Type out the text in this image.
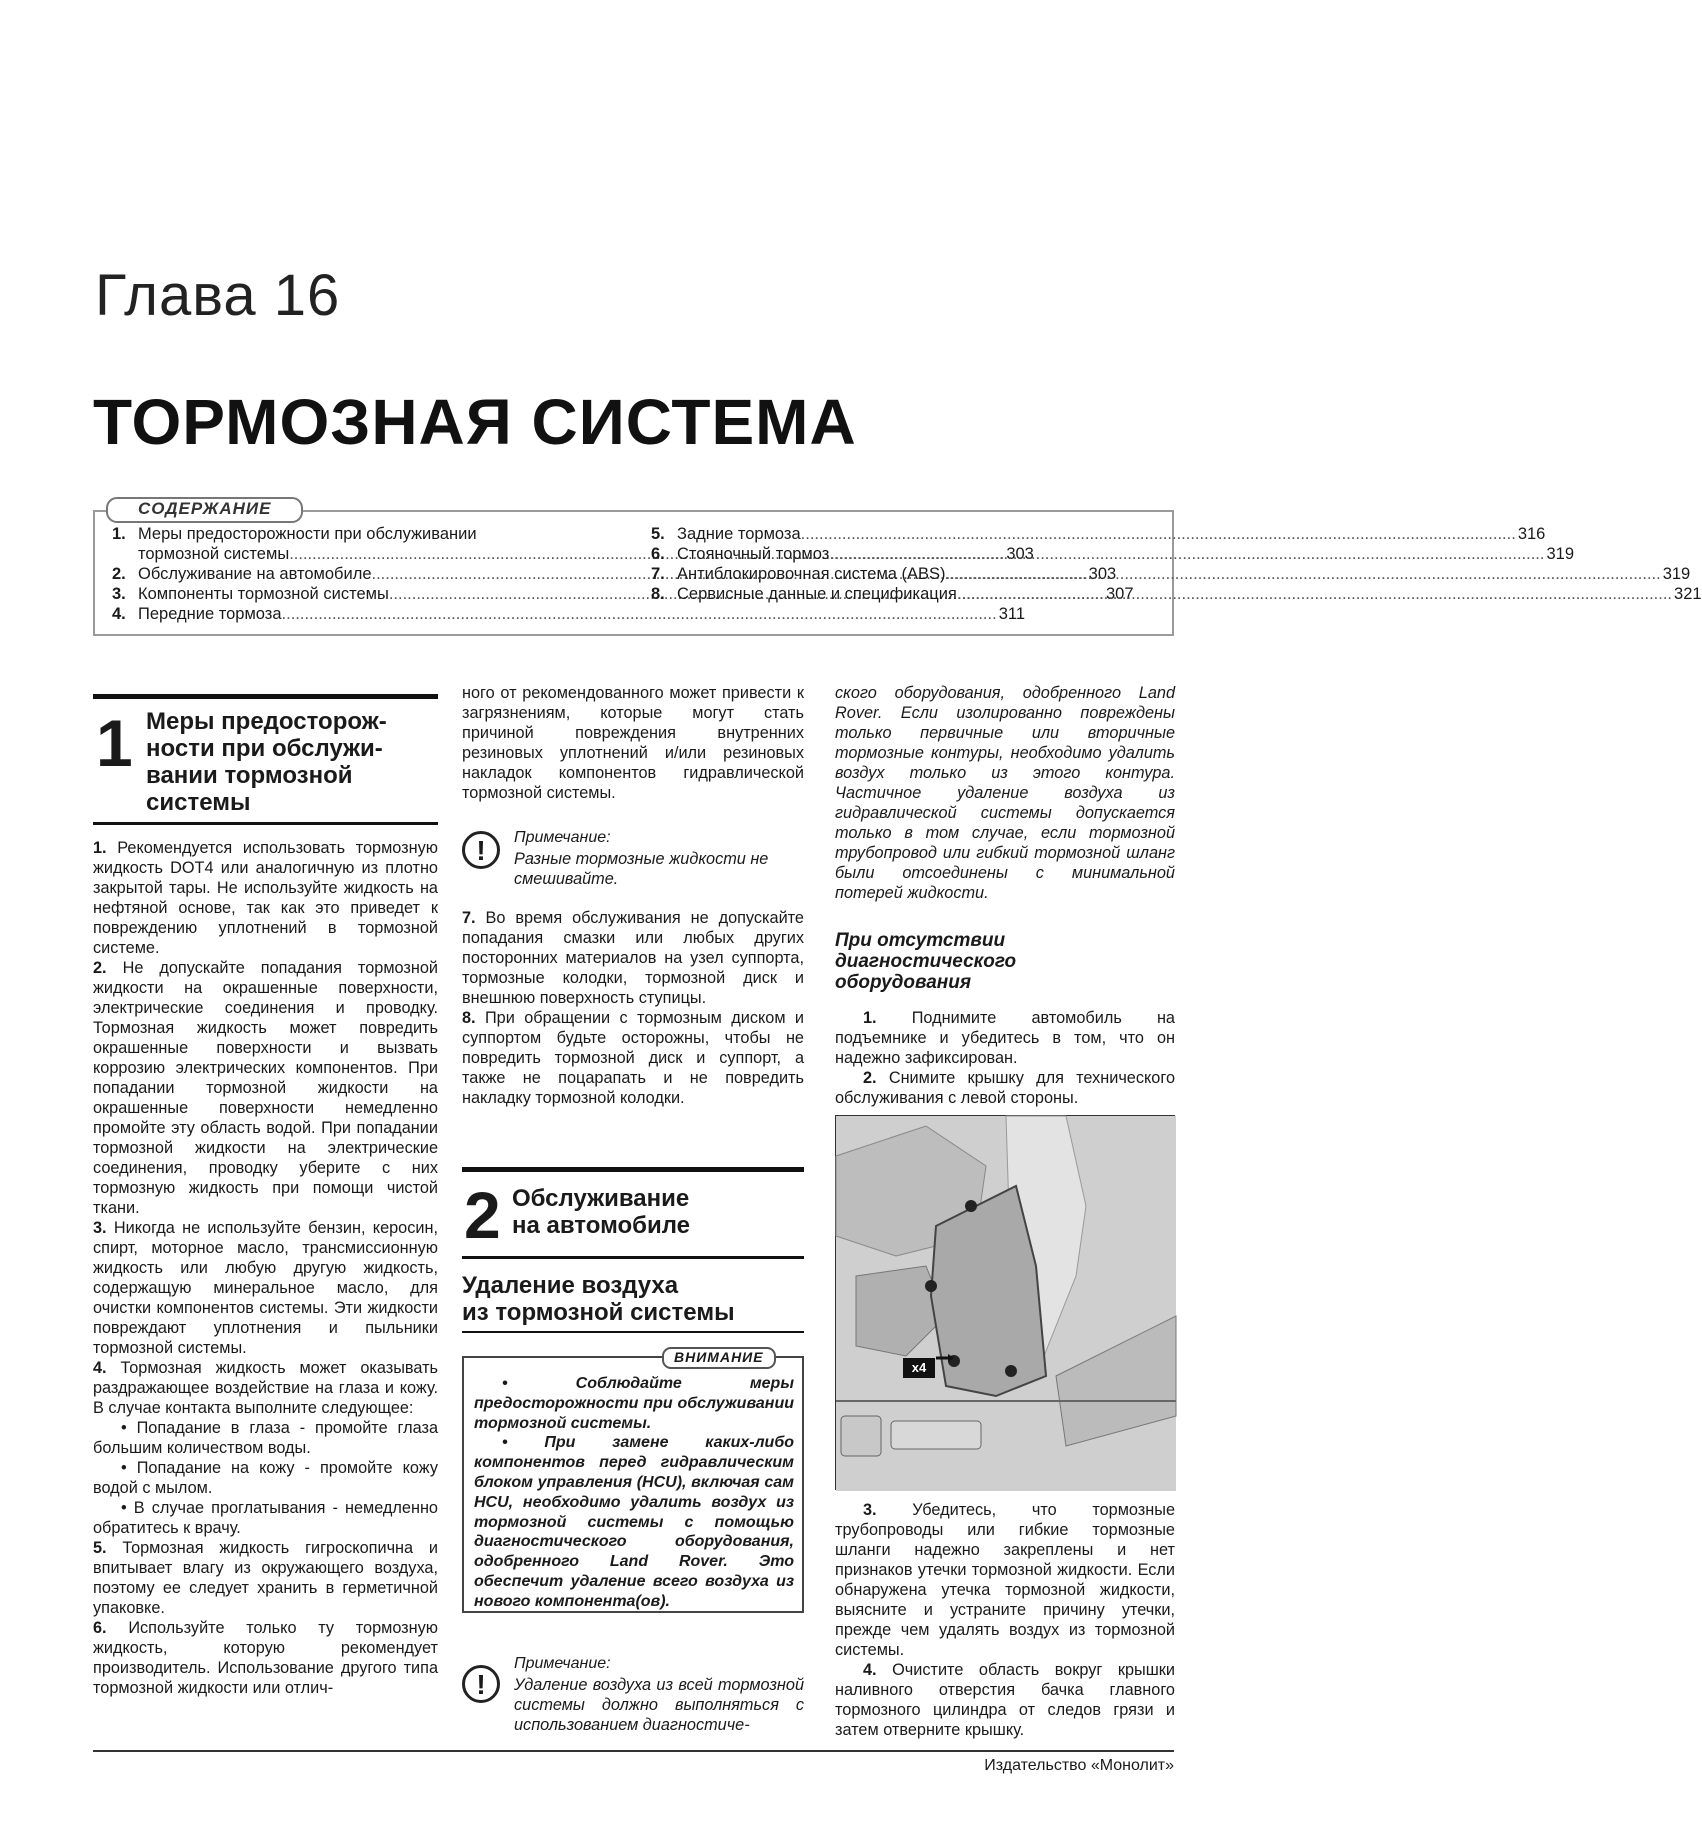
Глава 16
ТОРМОЗНАЯ СИСТЕМА
СОДЕРЖАНИЕ
1. Меры предосторожности при обслуживании
тормозной системы .....	303
2. Обслуживание на автомобиле .....	303
3. Компоненты тормозной системы .....	307
4. Передние тормоза .....	311
5. Задние тормоза .....	316
6. Стояночный тормоз .....	319
7. Антиблокировочная система (ABS) .....	319
8. Сервисные данные и спецификация .....	321
1 Меры предосторож-
ности при обслужи-
вании тормозной
системы

1. Рекомендуется использовать тормозную жидкость DOT4 или аналогичную из плотно закрытой тары. Не используйте жидкость на нефтяной основе, так как это приведет к повреждению уплотнений в тормозной системе.

2. Не допускайте попадания тормозной жидкости на окрашенные поверхности, электрические соединения и проводку. Тормозная жидкость может повредить окрашенные поверхности и вызвать коррозию электрических компонентов. При попадании тормозной жидкости на окрашенные поверхности немедленно промойте эту область водой. При попадании тормозной жидкости на электрические соединения, проводку уберите с них тормозную жидкость при помощи чистой ткани.

3. Никогда не используйте бензин, керосин, спирт, моторное масло, трансмиссионную жидкость или любую другую жидкость, содержащую минеральное масло, для очистки компонентов системы. Эти жидкости повреждают уплотнения и пыльники тормозной системы.

4. Тормозная жидкость может оказывать раздражающее воздействие на глаза и кожу. В случае контакта выполните следующее:

• Попадание в глаза - промойте глаза большим количеством воды.

• Попадание на кожу - промойте кожу водой с мылом.

• В случае проглатывания - немедленно обратитесь к врачу.

5. Тормозная жидкость гигроскопична и впитывает влагу из окружающего воздуха, поэтому ее следует хранить в герметичной упаковке.

6. Используйте только ту тормозную жидкость, которую рекомендует производитель. Использование другого типа тормозной жидкости или отлич-

ного от рекомендованного может привести к загрязнениям, которые могут стать причиной повреждения внутренних резиновых уплотнений и/или резиновых накладок компонентов гидравлической тормозной системы.

!	Примечание:
Разные тормозные жидкости не смешивайте.

7. Во время обслуживания не допускайте попадания смазки или любых других посторонних материалов на узел суппорта, тормозные колодки, тормозной диск и внешнюю поверхность ступицы.

8. При обращении с тормозным диском и суппортом будьте осторожны, чтобы не повредить тормозной диск и суппорт, а также не поцарапать и не повредить накладку тормозной колодки.

2 Обслуживание
на автомобиле
Удаление воздуха
из тормозной системы
ВНИМАНИЕ

• Соблюдайте меры предосторожности при обслуживании тормозной системы.

• При замене каких-либо компонентов перед гидравлическим блоком управления (HCU), включая сам HCU, необходимо удалить воздух из тормозной системы с помощью диагностического оборудования, одобренного Land Rover. Это обеспечит удаление всего воздуха из нового компонента(ов).

!
Примечание:
Удаление воздуха из всей тормозной системы должно выполняться с использованием диагностиче-

ского оборудования, одобренного Land Rover. Если изолированно повреждены только первичные или вторичные тормозные контуры, необходимо удалить воздух только из этого контура. Частичное удаление воздуха из гидравлической системы допускается только в том случае, если тормозной трубопровод или гибкий тормозной шланг были отсоединены с минимальной потерей жидкости.

При отсутствии
диагностического
оборудования

1. Поднимите автомобиль на подъемнике и убедитесь в том, что он надежно зафиксирован.

2. Снимите крышку для технического обслуживания с левой стороны.

x4

3. Убедитесь, что тормозные трубопроводы или гибкие тормозные шланги надежно закреплены и нет признаков утечки тормозной жидкости. Если обнаружена утечка тормозной жидкости, выясните и устраните причину утечки, прежде чем удалять воздух из тормозной системы.

4. Очистите область вокруг крышки наливного отверстия бачка главного тормозного цилиндра от следов грязи и затем отверните крышку.

Издательство «Монолит»
